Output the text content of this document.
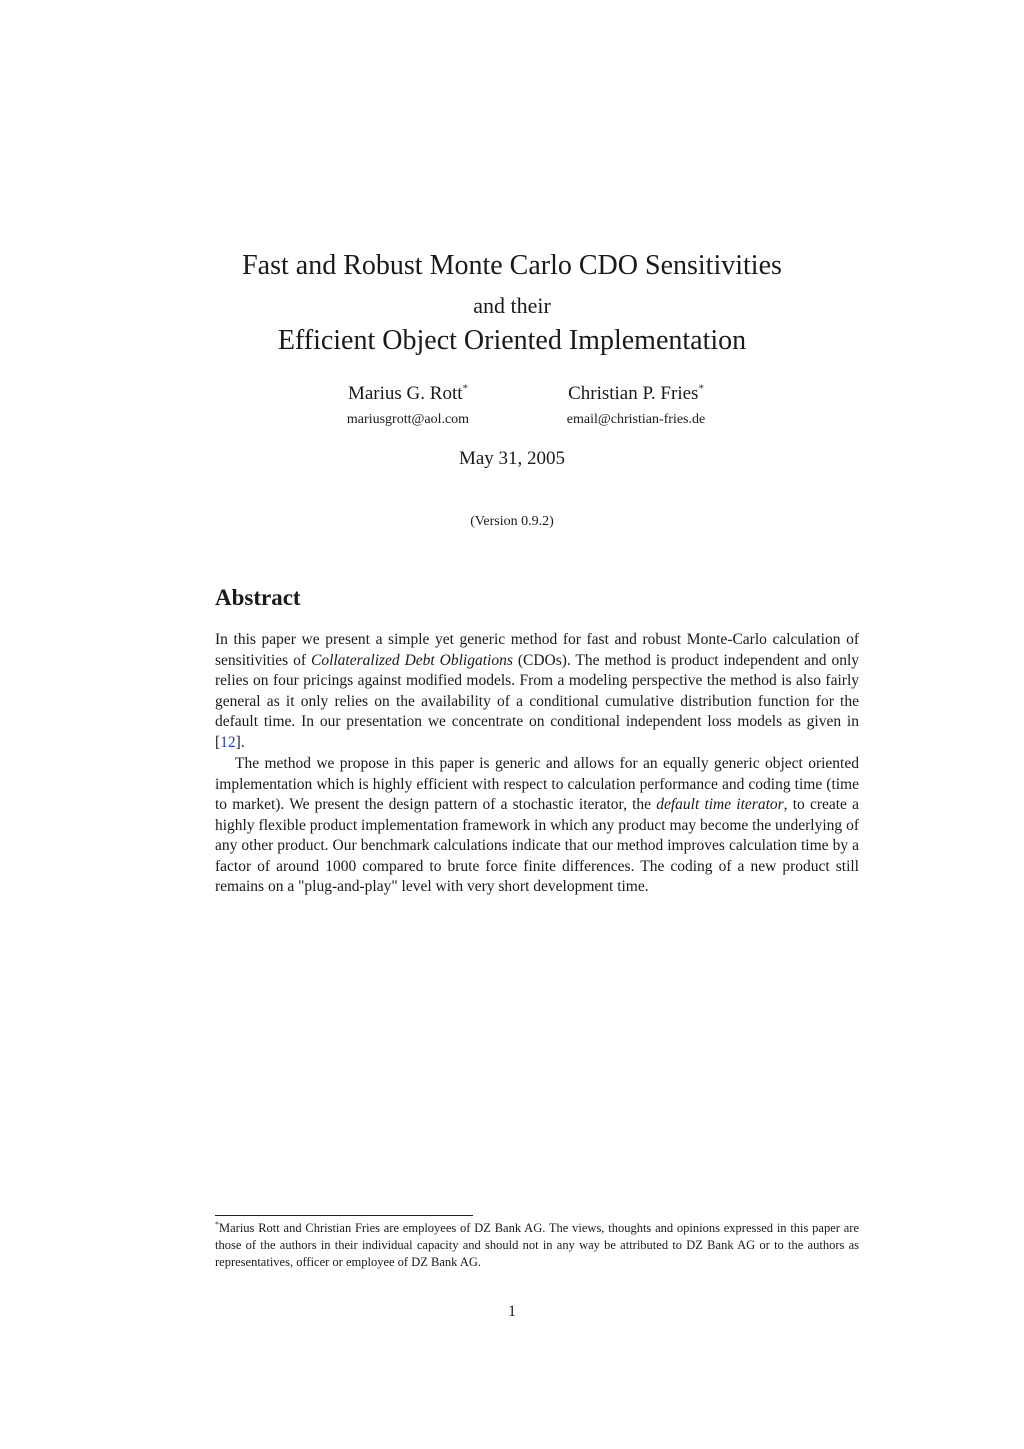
Fast and Robust Monte Carlo CDO Sensitivities
and their
Efficient Object Oriented Implementation
Marius G. Rott*
mariusgrott@aol.com
Christian P. Fries*
email@christian-fries.de
May 31, 2005
(Version 0.9.2)
Abstract

In this paper we present a simple yet generic method for fast and robust Monte-Carlo calculation of sensitivities of Collateralized Debt Obligations (CDOs). The method is product independent and only relies on four pricings against modified models. From a modeling perspective the method is also fairly general as it only relies on the availability of a conditional cumulative distribution function for the default time. In our presentation we concentrate on conditional independent loss models as given in [12].

The method we propose in this paper is generic and allows for an equally generic object oriented implementation which is highly efficient with respect to calculation performance and coding time (time to market). We present the design pattern of a stochastic iterator, the default time iterator, to create a highly flexible product implementation framework in which any product may become the underlying of any other product. Our benchmark calculations indicate that our method improves calculation time by a factor of around 1000 compared to brute force finite differences. The coding of a new product still remains on a "plug-and-play" level with very short development time.

*Marius Rott and Christian Fries are employees of DZ Bank AG. The views, thoughts and opinions expressed in this paper are those of the authors in their individual capacity and should not in any way be attributed to DZ Bank AG or to the authors as representatives, officer or employee of DZ Bank AG.

1
